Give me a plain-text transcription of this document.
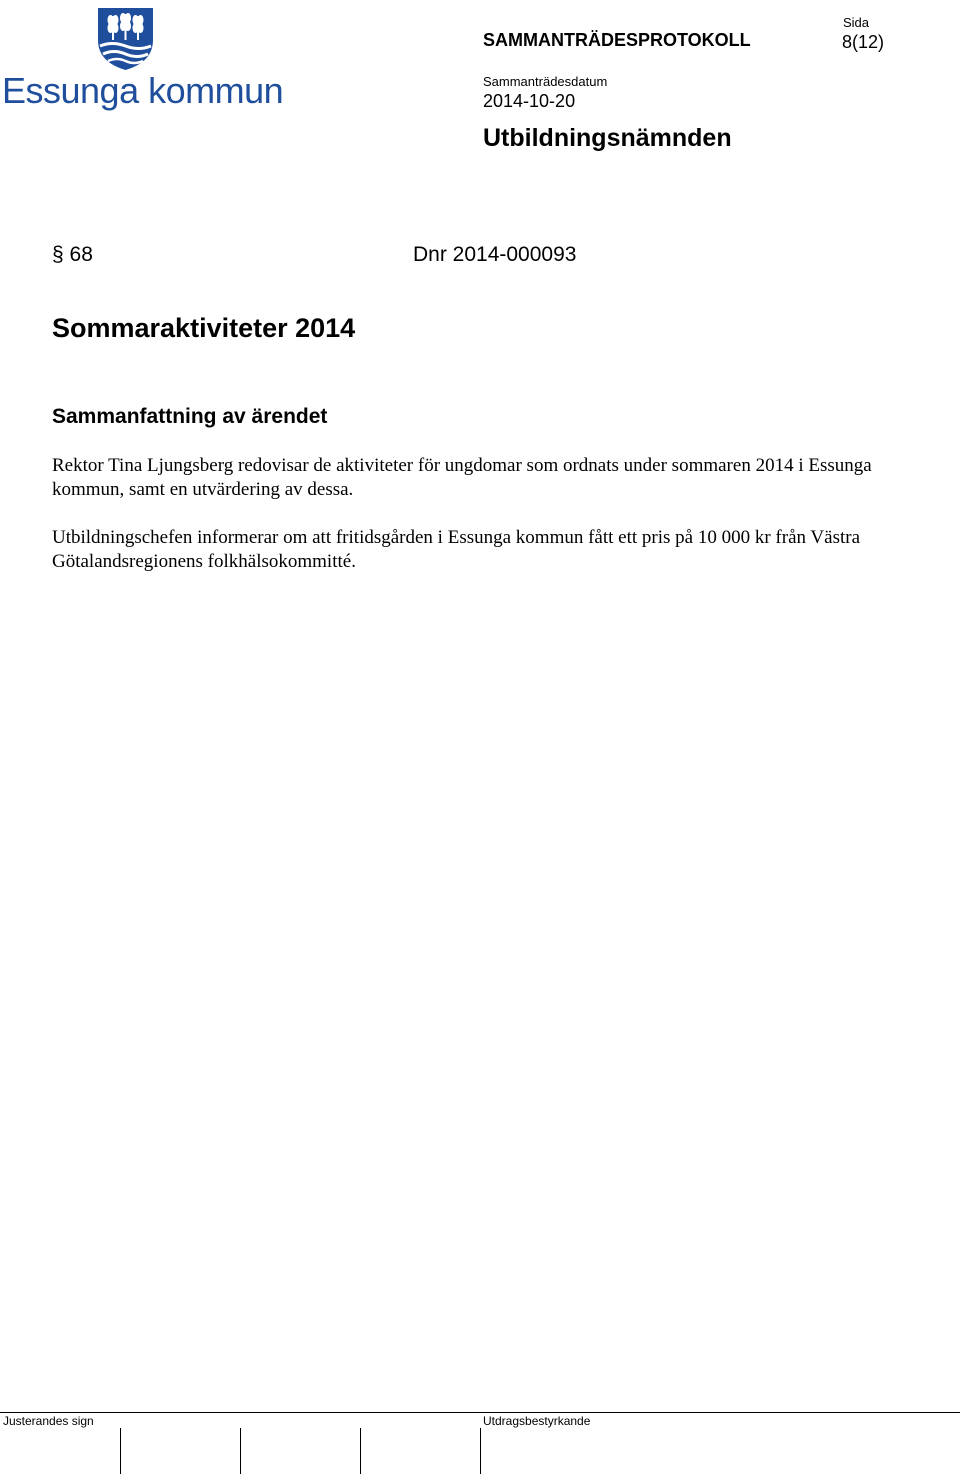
Essunga kommun
SAMMANTRÄDESPROTOKOLL
Sida
8(12)
Sammanträdesdatum
2014-10-20
Utbildningsnämnden
§ 68	Dnr 2014-000093
Sommaraktiviteter 2014
Sammanfattning av ärendet
Rektor Tina Ljungsberg redovisar de aktiviteter för ungdomar som ordnats under sommaren 2014 i Essunga kommun, samt en utvärdering av dessa.
Utbildningschefen informerar om att fritidsgården i Essunga kommun fått ett pris på 10 000 kr från Västra Götalandsregionens folkhälsokommitté.
Justerandes sign	Utdragsbestyrkande
